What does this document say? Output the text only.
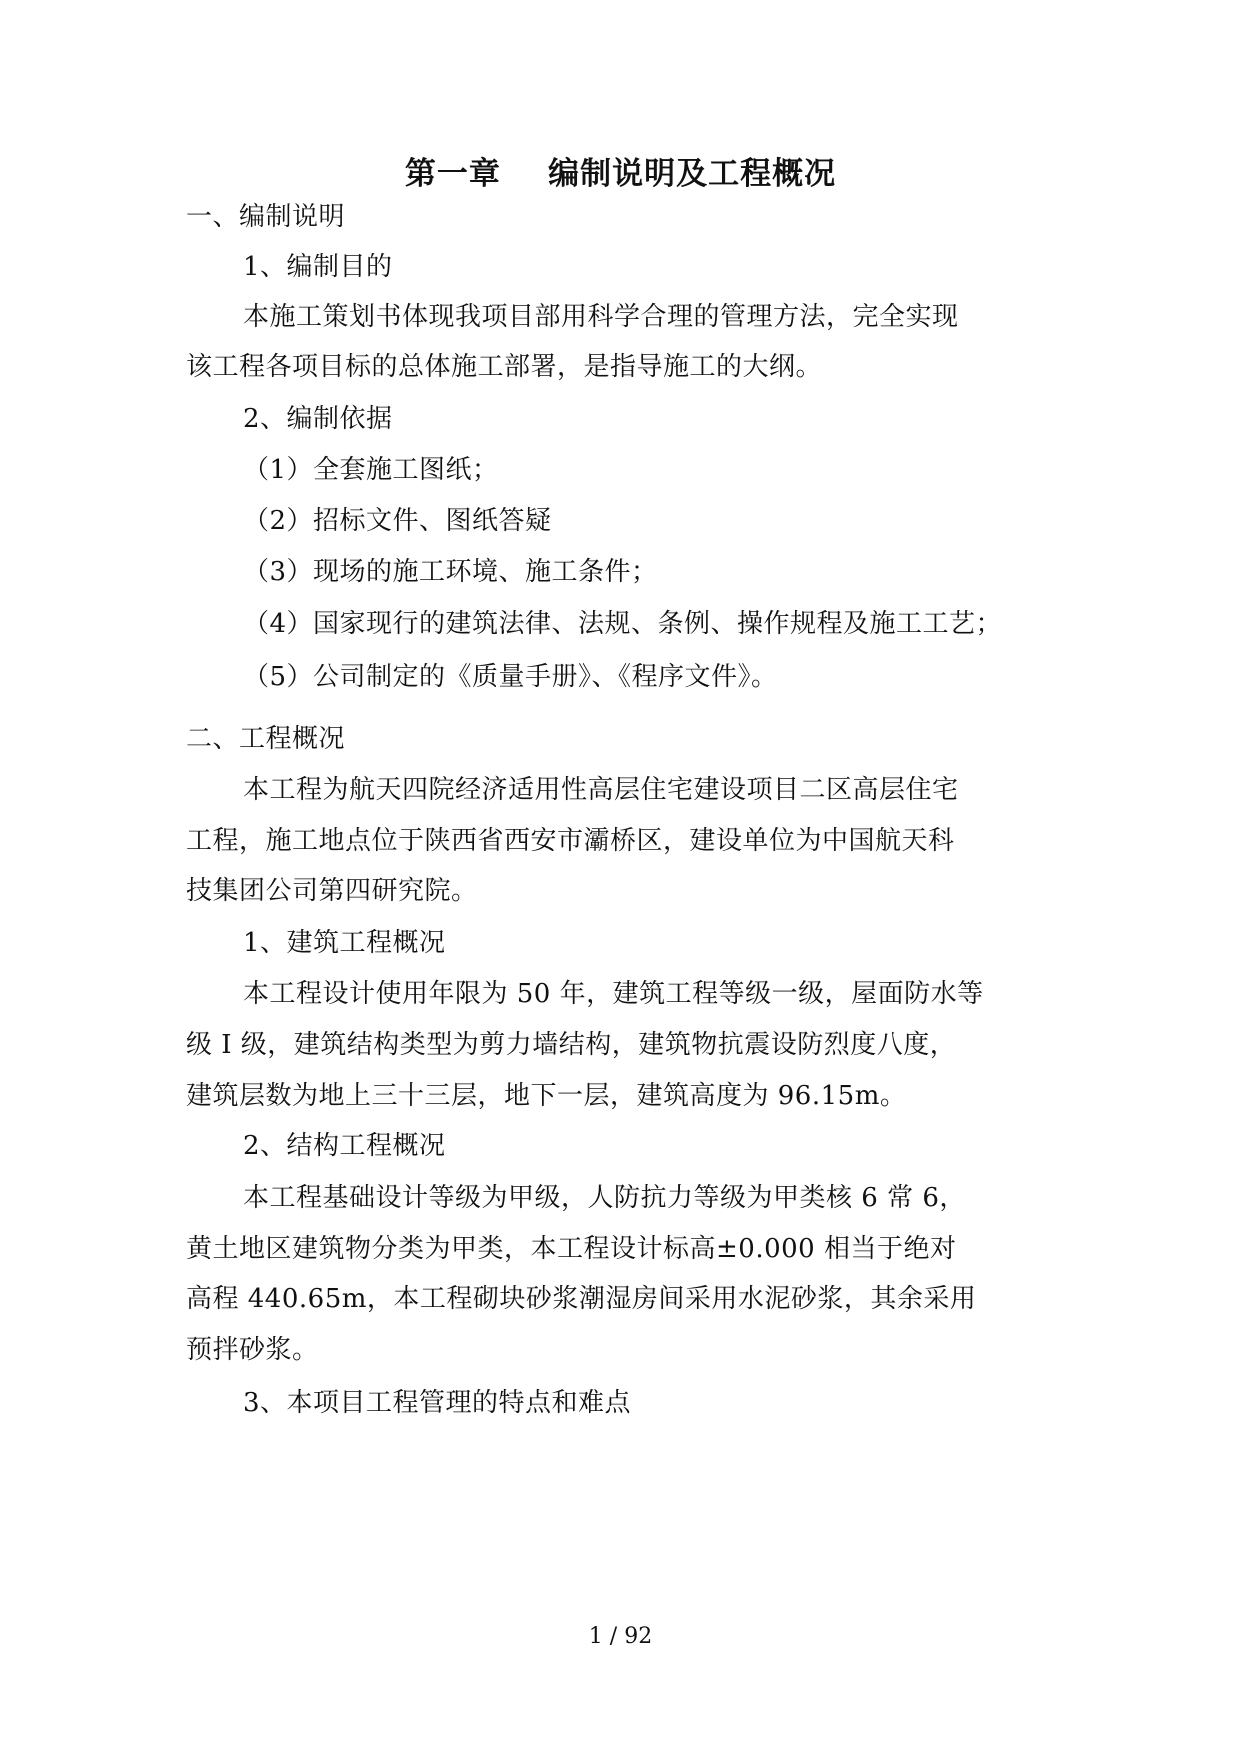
第一章    编制说明及工程概况
一、编制说明
1、编制目的
本施工策划书体现我项目部用科学合理的管理方法，完全实现
该工程各项目标的总体施工部署，是指导施工的大纲。
2、编制依据
（1）全套施工图纸；
（2）招标文件、图纸答疑
（3）现场的施工环境、施工条件；
（4）国家现行的建筑法律、法规、条例、操作规程及施工工艺；
（5）公司制定的《质量手册》、《程序文件》。
二、工程概况
本工程为航天四院经济适用性高层住宅建设项目二区高层住宅
工程，施工地点位于陕西省西安市灞桥区，建设单位为中国航天科
技集团公司第四研究院。
1、建筑工程概况
本工程设计使用年限为 50 年，建筑工程等级一级，屋面防水等
级 I 级，建筑结构类型为剪力墙结构，建筑物抗震设防烈度八度，
建筑层数为地上三十三层，地下一层，建筑高度为 96.15m。
2、结构工程概况
本工程基础设计等级为甲级，人防抗力等级为甲类核 6 常 6，
黄土地区建筑物分类为甲类，本工程设计标高±0.000 相当于绝对
高程 440.65m，本工程砌块砂浆潮湿房间采用水泥砂浆，其余采用
预拌砂浆。
3、本项目工程管理的特点和难点
1 / 92
